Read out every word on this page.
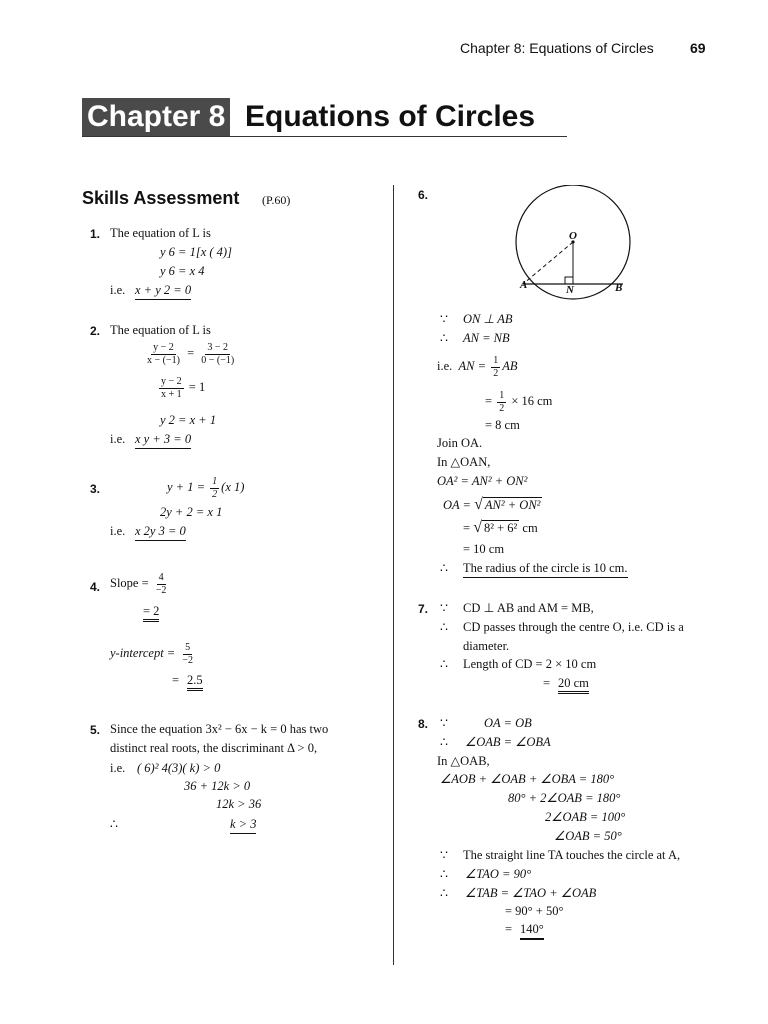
Chapter 8: Equations of Circles	69
Chapter 8 Equations of Circles
Skills Assessment (P.60)
1. The equation of L is
y 6 = 1[x ( 4)]
y 6 = x 4
i.e. x + y 2 = 0
2. The equation of L is
$\frac{y - 2}{x - (-1)} = \frac{3 - 2}{0 - (-1)}$
$\frac{y - 2}{x + 1} = 1$
y 2 = x + 1
i.e. x y + 3 = 0
3.	$y + 1 = \frac{1}{2} (x$ 1)
2y + 2 = x 1
i.e. x 2y 3 = 0
4. Slope = $\frac{4}{-2}$
= 2
y-intercept = $\frac{5}{-2}$
= 2.5
5. Since the equation 3x² − 6x − k = 0 has two
distinct real roots, the discriminant Δ > 0,
i.e. ( 6)² 4(3)( k) > 0
36 + 12k > 0
12k > 36
∴	k > 3
6.
O
A	N	B
∵ ON ⊥ AB
∴ AN = NB
i.e. AN = $\frac{1}{2}$ AB
= $\frac{1}{2} \times 16$ cm
= 8 cm
Join OA.
In △OAN,
OA² = AN² + ON²
OA = √ AN² + ON²
= √ 8² + 6² cm
= 10 cm
∴ The radius of the circle is 10 cm.
7. ∵ CD ⊥ AB and AM = MB,
∴ CD passes through the centre O, i.e. CD is a
diameter.
∴ Length of CD = 2 × 10 cm
= 20 cm
8. ∵	OA = OB
∴ ∠OAB = ∠OBA
In △OAB,
∠AOB + ∠OAB + ∠OBA = 180°
80° + 2∠OAB = 180°
2∠OAB = 100°
∠OAB = 50°
∵ The straight line TA touches the circle at A,
∴ ∠TAO = 90°
∴ ∠TAB = ∠TAO + ∠OAB
= 90° + 50°
= 140°
